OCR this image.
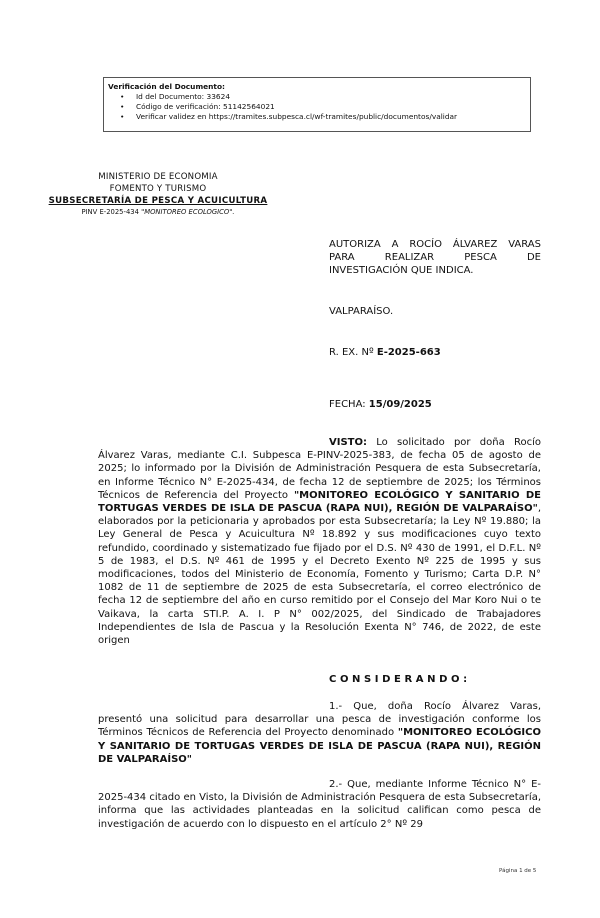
Verificación del Documento:
• Id del Documento: 33624
• Código de verificación: 51142564021
• Verificar validez en https://tramites.subpesca.cl/wf-tramites/public/documentos/validar
MINISTERIO DE ECONOMIA
FOMENTO Y TURISMO
SUBSECRETARÍA DE PESCA Y ACUICULTURA
PINV E-2025-434 "MONITOREO ECOLOGICO".
AUTORIZA A ROCÍO ÁLVAREZ VARAS
PARA REALIZAR PESCA DE
INVESTIGACIÓN QUE INDICA.
VALPARAÍSO.
R. EX. Nº E-2025-663
FECHA: 15/09/2025
VISTO: Lo solicitado por doña Rocío Álvarez Varas, mediante C.I. Subpesca E-PINV-2025-383, de fecha 05 de agosto de 2025; lo informado por la División de Administración Pesquera de esta Subsecretaría, en Informe Técnico N° E-2025-434, de fecha 12 de septiembre de 2025; los Términos Técnicos de Referencia del Proyecto "MONITOREO ECOLÓGICO Y SANITARIO DE TORTUGAS VERDES DE ISLA DE PASCUA (RAPA NUI), REGIÓN DE VALPARAÍSO", elaborados por la peticionaria y aprobados por esta Subsecretaría; la Ley Nº 19.880; la Ley General de Pesca y Acuicultura Nº 18.892 y sus modificaciones cuyo texto refundido, coordinado y sistematizado fue fijado por el D.S. Nº 430 de 1991, el D.F.L. Nº 5 de 1983, el D.S. Nº 461 de 1995 y el Decreto Exento Nº 225 de 1995 y sus modificaciones, todos del Ministerio de Economía, Fomento y Turismo; Carta D.P. N° 1082 de 11 de septiembre de 2025 de esta Subsecretaría, el correo electrónico de fecha 12 de septiembre del año en curso remitido por el Consejo del Mar Koro Nui o te Vaikava, la carta STI.P. A. I. P N° 002/2025, del Sindicado de Trabajadores Independientes de Isla de Pascua y la Resolución Exenta N° 746, de 2022, de este origen
CONSIDERANDO:
1.- Que, doña Rocío Álvarez Varas, presentó una solicitud para desarrollar una pesca de investigación conforme los Términos Técnicos de Referencia del Proyecto denominado "MONITOREO ECOLÓGICO Y SANITARIO DE TORTUGAS VERDES DE ISLA DE PASCUA (RAPA NUI), REGIÓN DE VALPARAÍSO"
2.- Que, mediante Informe Técnico N° E-2025-434 citado en Visto, la División de Administración Pesquera de esta Subsecretaría, informa que las actividades planteadas en la solicitud califican como pesca de investigación de acuerdo con lo dispuesto en el artículo 2° Nº 29
Página 1 de 5
